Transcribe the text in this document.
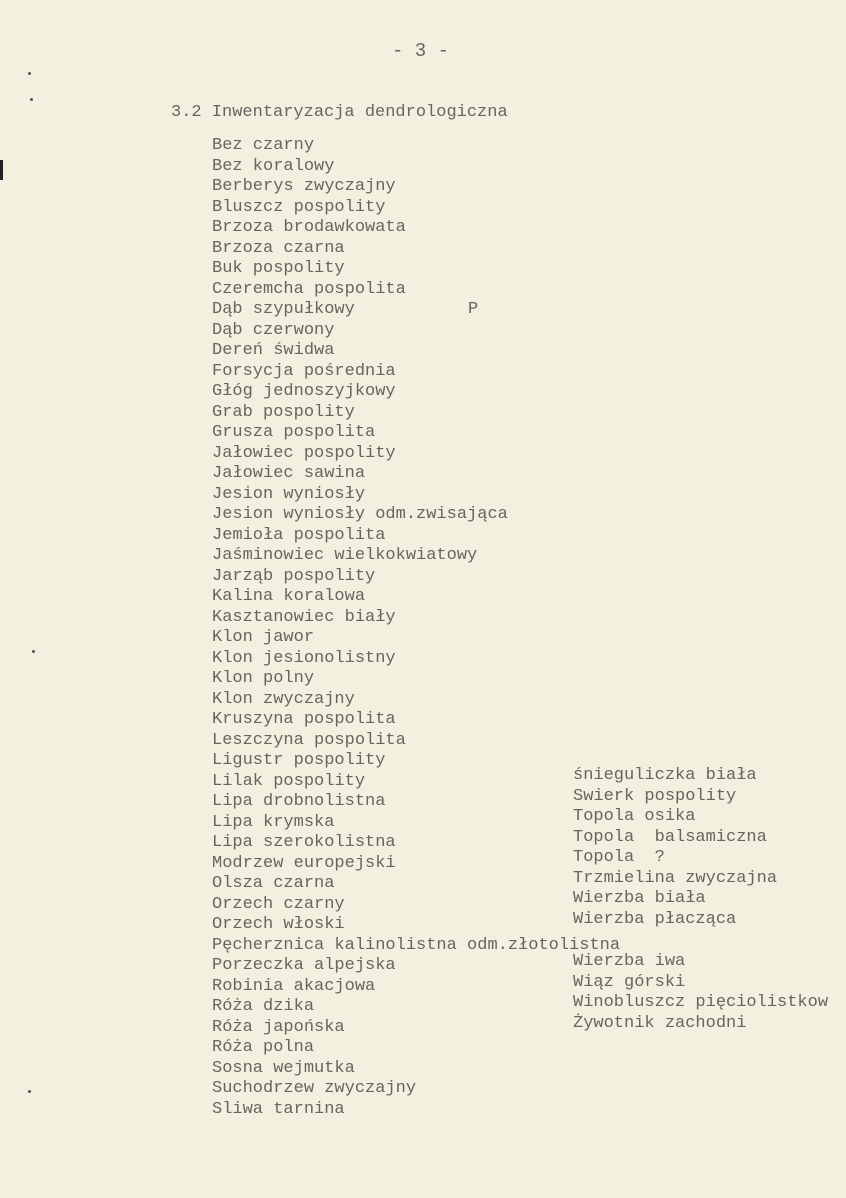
- 3 -
3.2 Inwentaryzacja dendrologiczna
P
Bez czarny
Bez koralowy
Berberys zwyczajny
Bluszcz pospolity
Brzoza brodawkowata
Brzoza czarna
Buk pospolity
Czeremcha pospolita
Dąb szypułkowy
Dąb czerwony
Dereń świdwa
Forsycja pośrednia
Głóg jednoszyjkowy
Grab pospolity
Grusza pospolita
Jałowiec pospolity
Jałowiec sawina
Jesion wyniosły
Jesion wyniosły odm.zwisająca
Jemioła pospolita
Jaśminowiec wielkokwiatowy
Jarząb pospolity
Kalina koralowa
Kasztanowiec biały
Klon jawor
Klon jesionolistny
Klon polny
Klon zwyczajny
Kruszyna pospolita
Leszczyna pospolita
Ligustr pospolity
Lilak pospolity
Lipa drobnolistna
Lipa krymska
Lipa szerokolistna
Modrzew europejski
Olsza czarna
Orzech czarny
Orzech włoski
Pęcherznica kalinolistna odm.złotolistna
Porzeczka alpejska
Robinia akacjowa
Róża dzika
Róża japońska
Róża polna
Sosna wejmutka
Suchodrzew zwyczajny
Sliwa tarnina
śnieguliczka biała
Swierk pospolity
Topola osika
Topola  balsamiczna
Topola  ?
Trzmielina zwyczajna
Wierzba biała
Wierzba płacząca
Wierzba iwa
Wiąz górski
Winobluszcz pięciolistkow
Żywotnik zachodni
